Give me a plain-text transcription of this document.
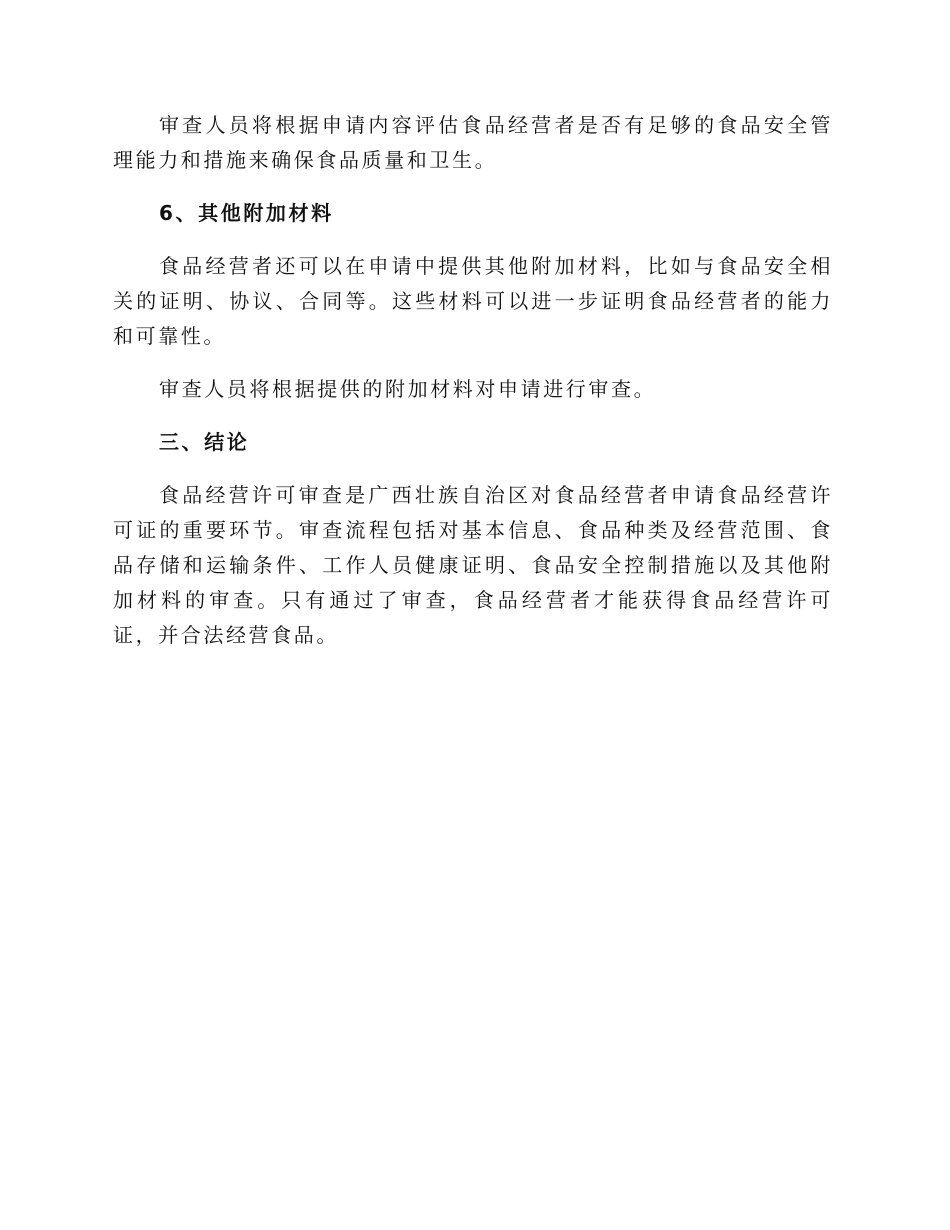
审查人员将根据申请内容评估食品经营者是否有足够的食品安全管理能力和措施来确保食品质量和卫生。

6、其他附加材料

食品经营者还可以在申请中提供其他附加材料，比如与食品安全相关的证明、协议、合同等。这些材料可以进一步证明食品经营者的能力和可靠性。

审查人员将根据提供的附加材料对申请进行审查。

三、结论

食品经营许可审查是广西壮族自治区对食品经营者申请食品经营许可证的重要环节。审查流程包括对基本信息、食品种类及经营范围、食品存储和运输条件、工作人员健康证明、食品安全控制措施以及其他附加材料的审查。只有通过了审查，食品经营者才能获得食品经营许可证，并合法经营食品。
